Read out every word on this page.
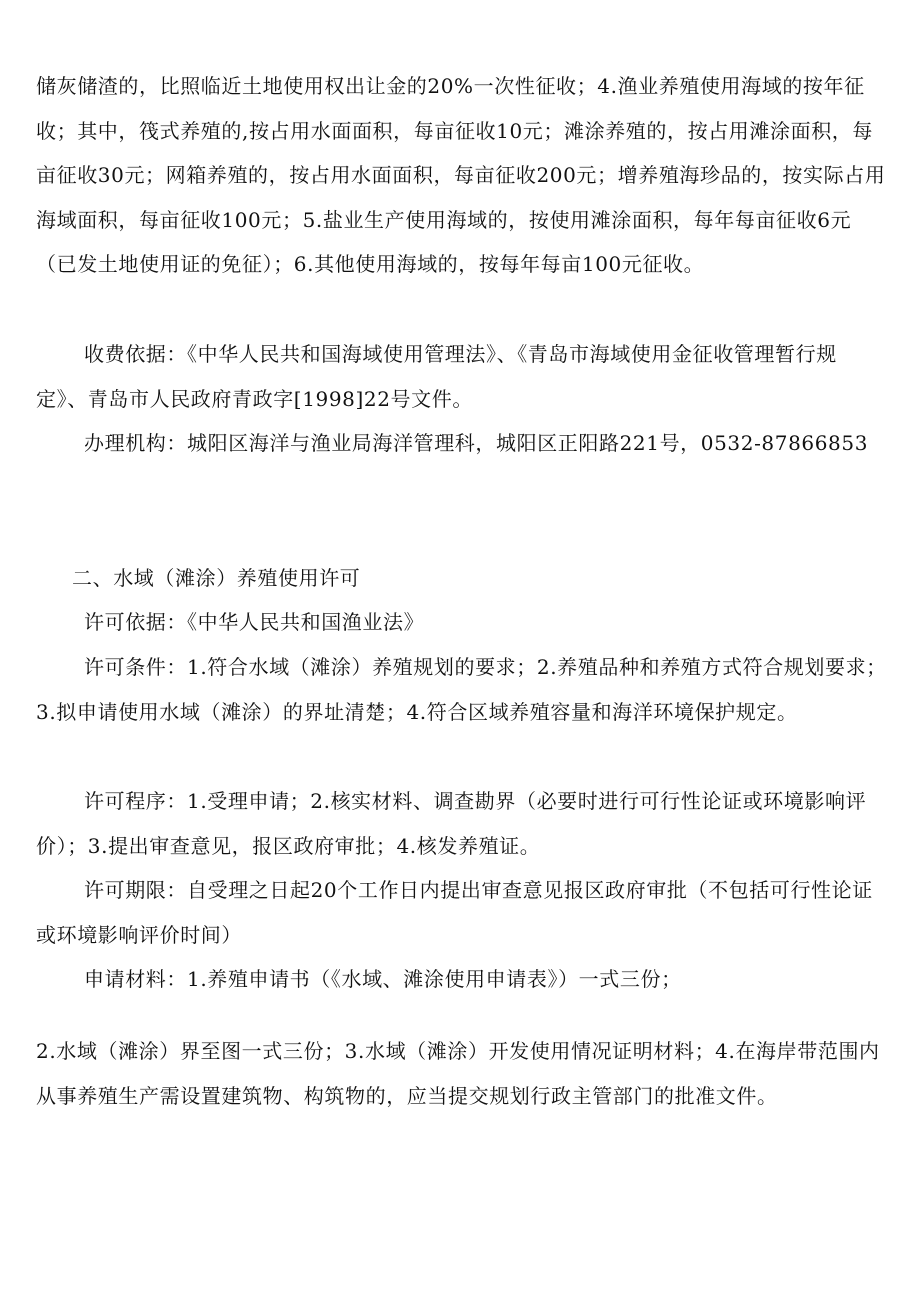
储灰储渣的，比照临近土地使用权出让金的20%一次性征收；4.渔业养殖使用海域的按年征收；其中，筏式养殖的,按占用水面面积，每亩征收10元；滩涂养殖的，按占用滩涂面积，每亩征收30元；网箱养殖的，按占用水面面积，每亩征收200元；增养殖海珍品的，按实际占用海域面积，每亩征收100元；5.盐业生产使用海域的，按使用滩涂面积，每年每亩征收6元（已发土地使用证的免征）；6.其他使用海域的，按每年每亩100元征收。

收费依据：《中华人民共和国海域使用管理法》、《青岛市海域使用金征收管理暂行规定》、青岛市人民政府青政字[1998]22号文件。

办理机构：城阳区海洋与渔业局海洋管理科，城阳区正阳路221号，0532-87866853

二、水域（滩涂）养殖使用许可

许可依据：《中华人民共和国渔业法》

许可条件：1.符合水域（滩涂）养殖规划的要求；2.养殖品种和养殖方式符合规划要求；3.拟申请使用水域（滩涂）的界址清楚；4.符合区域养殖容量和海洋环境保护规定。

许可程序：1.受理申请；2.核实材料、调查勘界（必要时进行可行性论证或环境影响评价）；3.提出审查意见，报区政府审批；4.核发养殖证。

许可期限：自受理之日起20个工作日内提出审查意见报区政府审批（不包括可行性论证或环境影响评价时间）

申请材料：1.养殖申请书（《水域、滩涂使用申请表》）一式三份；

2.水域（滩涂）界至图一式三份；3.水域（滩涂）开发使用情况证明材料；4.在海岸带范围内从事养殖生产需设置建筑物、构筑物的，应当提交规划行政主管部门的批准文件。
